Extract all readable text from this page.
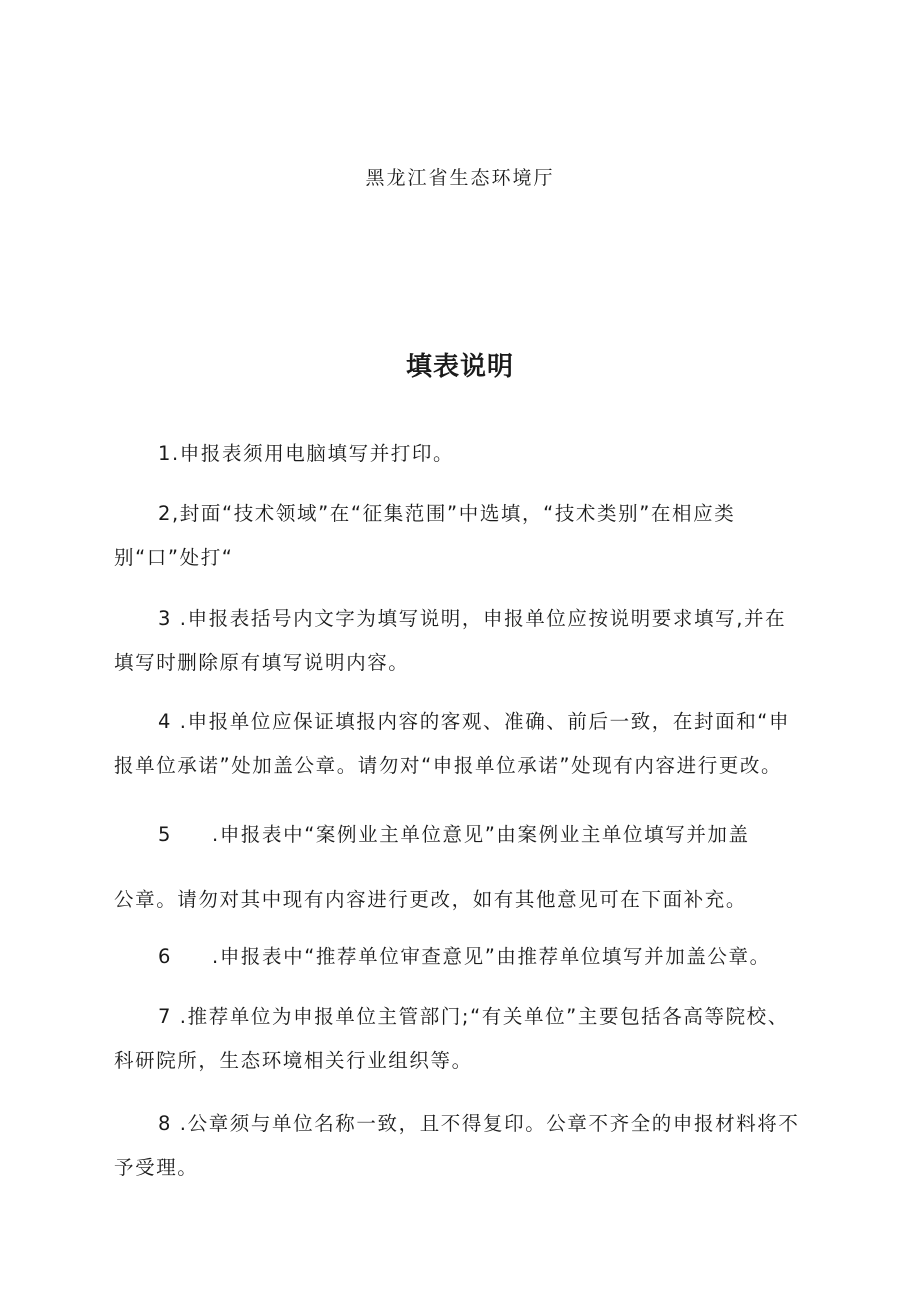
黑龙江省生态环境厅
填表说明
1.申报表须用电脑填写并打印。
2,封面“技术领域”在“征集范围”中选填，“技术类别”在相应类
别“口”处打“
3 .申报表括号内文字为填写说明，申报单位应按说明要求填写,并在
填写时删除原有填写说明内容。
4 .申报单位应保证填报内容的客观、准确、前后一致，在封面和“申
报单位承诺”处加盖公章。请勿对“申报单位承诺”处现有内容进行更改。
5 .申报表中“案例业主单位意见”由案例业主单位填写并加盖
公章。请勿对其中现有内容进行更改，如有其他意见可在下面补充。
6 .申报表中“推荐单位审查意见”由推荐单位填写并加盖公章。
7 .推荐单位为申报单位主管部门;“有关单位”主要包括各高等院校、
科研院所，生态环境相关行业组织等。
8 .公章须与单位名称一致，且不得复印。公章不齐全的申报材料将不
予受理。
